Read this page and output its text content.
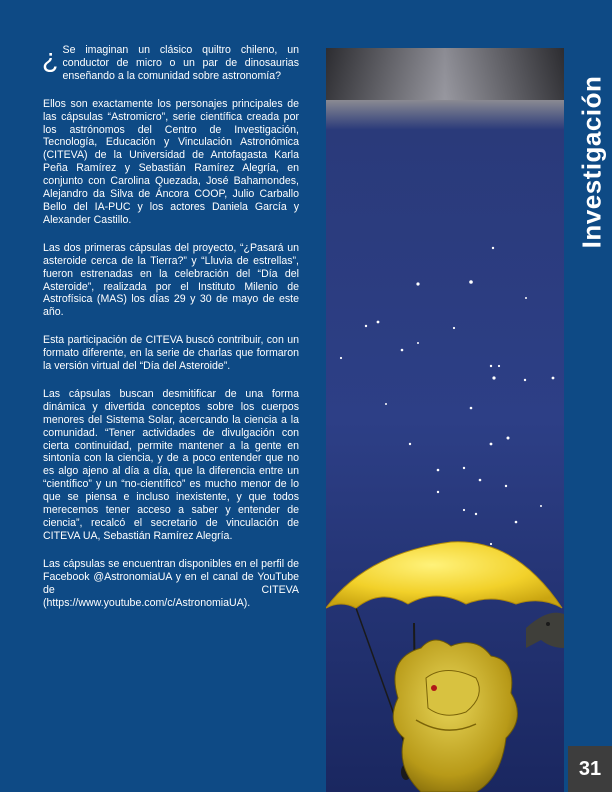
¿ Se imaginan un clásico quiltro chileno, un conductor de micro o un par de dinosaurias enseñando a la comunidad sobre astronomía?

Ellos son exactamente los personajes principales de las cápsulas “Astromicro”, serie científica creada por los astrónomos del Centro de Investigación, Tecnología, Educación y Vinculación Astronómica (CITEVA) de la Universidad de Antofagasta Karla Peña Ramírez y Sebastián Ramírez Alegría, en conjunto con Carolina Quezada, José Bahamondes, Alejandro da Silva de Áncora COOP, Julio Carballo Bello del IA-PUC y los actores Daniela García y Alexander Castillo.

Las dos primeras cápsulas del proyecto, “¿Pasará un asteroide cerca de la Tierra?” y “Lluvia de estrellas”, fueron estrenadas en la celebración del “Día del Asteroide”, realizada por el Instituto Milenio de Astrofísica (MAS) los días 29 y 30 de mayo de este año.

Esta participación de CITEVA buscó contribuir, con un formato diferente, en la serie de charlas que formaron la versión virtual del “Día del Asteroide”.

Las cápsulas buscan desmitificar de una forma dinámica y divertida conceptos sobre los cuerpos menores del Sistema Solar, acercando la ciencia a la comunidad. “Tener actividades de divulgación con cierta continuidad, permite mantener a la gente en sintonía con la ciencia, y de a poco entender que no es algo ajeno al día a día, que la diferencia entre un “científico” y un “no-científico” es mucho menor de lo que se piensa e incluso inexistente, y que todos merecemos tener acceso a saber y entender de ciencia”, recalcó el secretario de vinculación de CITEVA UA, Sebastián Ramírez Alegría.

Las cápsulas se encuentran disponibles en el perfil de Facebook @AstronomiaUA y en el canal de YouTube de CITEVA (https://www.youtube.com/c/AstronomiaUA).

Investigación
31
